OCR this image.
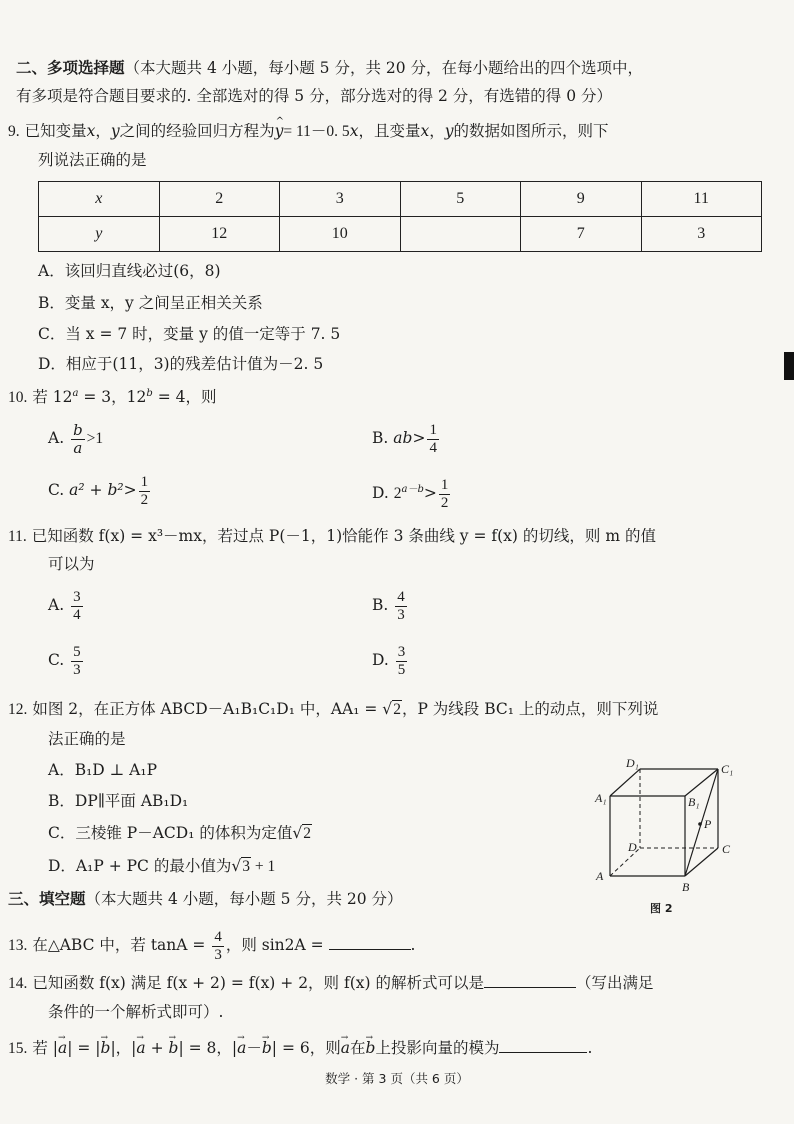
二、多项选择题（本大题共 4 小题，每小题 5 分，共 20 分，在每小题给出的四个选项中，
有多项是符合题目要求的. 全部选对的得 5 分，部分选对的得 2 分，有选错的得 0 分）
9. 已知变量x，y之间的经验回归方程为^ y= 11－0. 5x，且变量x，y的数据如图所示，则下
列说法正确的是
x	2	3	5	9	11
y	12	10		7	3
A．该回归直线必过(6，8)
B．变量 x，y 之间呈正相关关系
C．当 x = 7 时，变量 y 的值一定等于 7. 5
D．相应于(11，3)的残差估计值为－2. 5
10. 若 $12^a = 3$，$12^b = 4$，则
A. $\frac{b}{a} >1$	B. $ab> \frac{1}{4}$
C. $a^2 + b^2> \frac{1}{2}$	D. $2^{a-b}> \frac{1}{2}$
11. 已知函数 f(x) = x³－mx，若过点 P(－1，1)恰能作 3 条曲线 y = f(x) 的切线，则 m 的值
可以为
A. $\frac{3}{4}$	B. $\frac{4}{3}$
C. $\frac{5}{3}$	D. $\frac{3}{5}$
12. 如图 2，在正方体 ABCD－A₁B₁C₁D₁ 中，AA₁ = √2，P 为线段 BC₁ 上的动点，则下列说
法正确的是
A．B₁D ⊥ A₁P
B．DP∥平面 AB₁D₁
C．三棱锥 P－ACD₁ 的体积为定值√2
D．A₁P + PC 的最小值为√3 + 1
A
B
C
D
A₁	B₁
C₁
D₁
P
图 2
三、填空题（本大题共 4 小题，每小题 5 分，共 20 分）
13. 在△ABC 中，若 $\tan A = \frac{4}{3}$ ，则 sin2A =	.
14. 已知函数 f(x) 满足 f(x + 2) = f(x) + 2，则 f(x) 的解析式可以是	（写出满足
条件的一个解析式即可）.
15. 若 |→ a| = |→ b|，|→ a + → b| = 8，|→ a－→ b| = 6，则→ a在→ b上投影向量的模为	.
数学 · 第 3 页（共 6 页）
